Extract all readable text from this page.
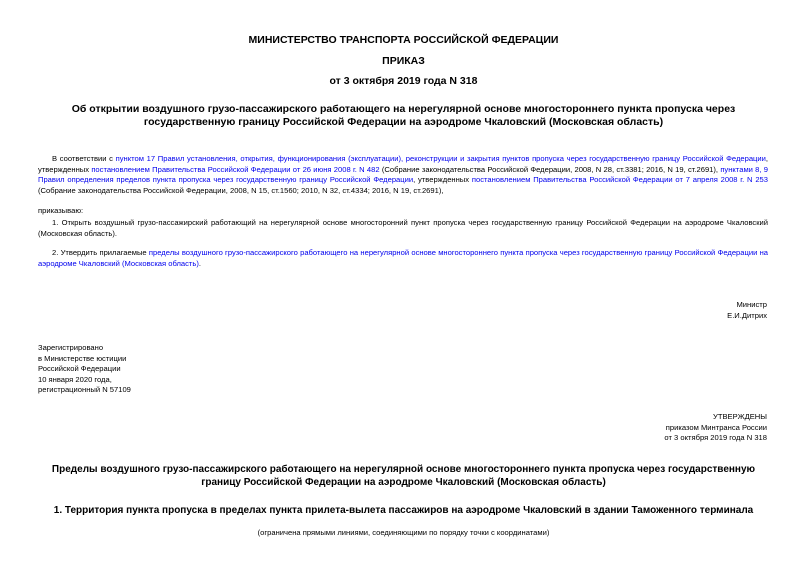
МИНИСТЕРСТВО ТРАНСПОРТА РОССИЙСКОЙ ФЕДЕРАЦИИ
ПРИКАЗ
от 3 октября 2019 года N 318
Об открытии воздушного грузо-пассажирского работающего на нерегулярной основе многостороннего пункта пропуска через государственную границу Российской Федерации на аэродроме Чкаловский (Московская область)
В соответствии с пунктом 17 Правил установления, открытия, функционирования (эксплуатации), реконструкции и закрытия пунктов пропуска через государственную границу Российской Федерации, утвержденных постановлением Правительства Российской Федерации от 26 июня 2008 г. N 482 (Собрание законодательства Российской Федерации, 2008, N 28, ст.3381; 2016, N 19, ст.2691), пунктами 8, 9 Правил определения пределов пункта пропуска через государственную границу Российской Федерации, утвержденных постановлением Правительства Российской Федерации от 7 апреля 2008 г. N 253 (Собрание законодательства Российской Федерации, 2008, N 15, ст.1560; 2010, N 32, ст.4334; 2016, N 19, ст.2691),
приказываю:
1. Открыть воздушный грузо-пассажирский работающий на нерегулярной основе многосторонний пункт пропуска через государственную границу Российской Федерации на аэродроме Чкаловский (Московская область).
2. Утвердить прилагаемые пределы воздушного грузо-пассажирского работающего на нерегулярной основе многостороннего пункта пропуска через государственную границу Российской Федерации на аэродроме Чкаловский (Московская область).
Министр
Е.И.Дитрих
Зарегистрировано
в Министерстве юстиции
Российской Федерации
10 января 2020 года,
регистрационный N 57109
УТВЕРЖДЕНЫ
приказом Минтранса России
от 3 октября 2019 года N 318
Пределы воздушного грузо-пассажирского работающего на нерегулярной основе многостороннего пункта пропуска через государственную границу Российской Федерации на аэродроме Чкаловский (Московская область)
1. Территория пункта пропуска в пределах пункта прилета-вылета пассажиров на аэродроме Чкаловский в здании Таможенного терминала
(ограничена прямыми линиями, соединяющими по порядку точки с координатами)
